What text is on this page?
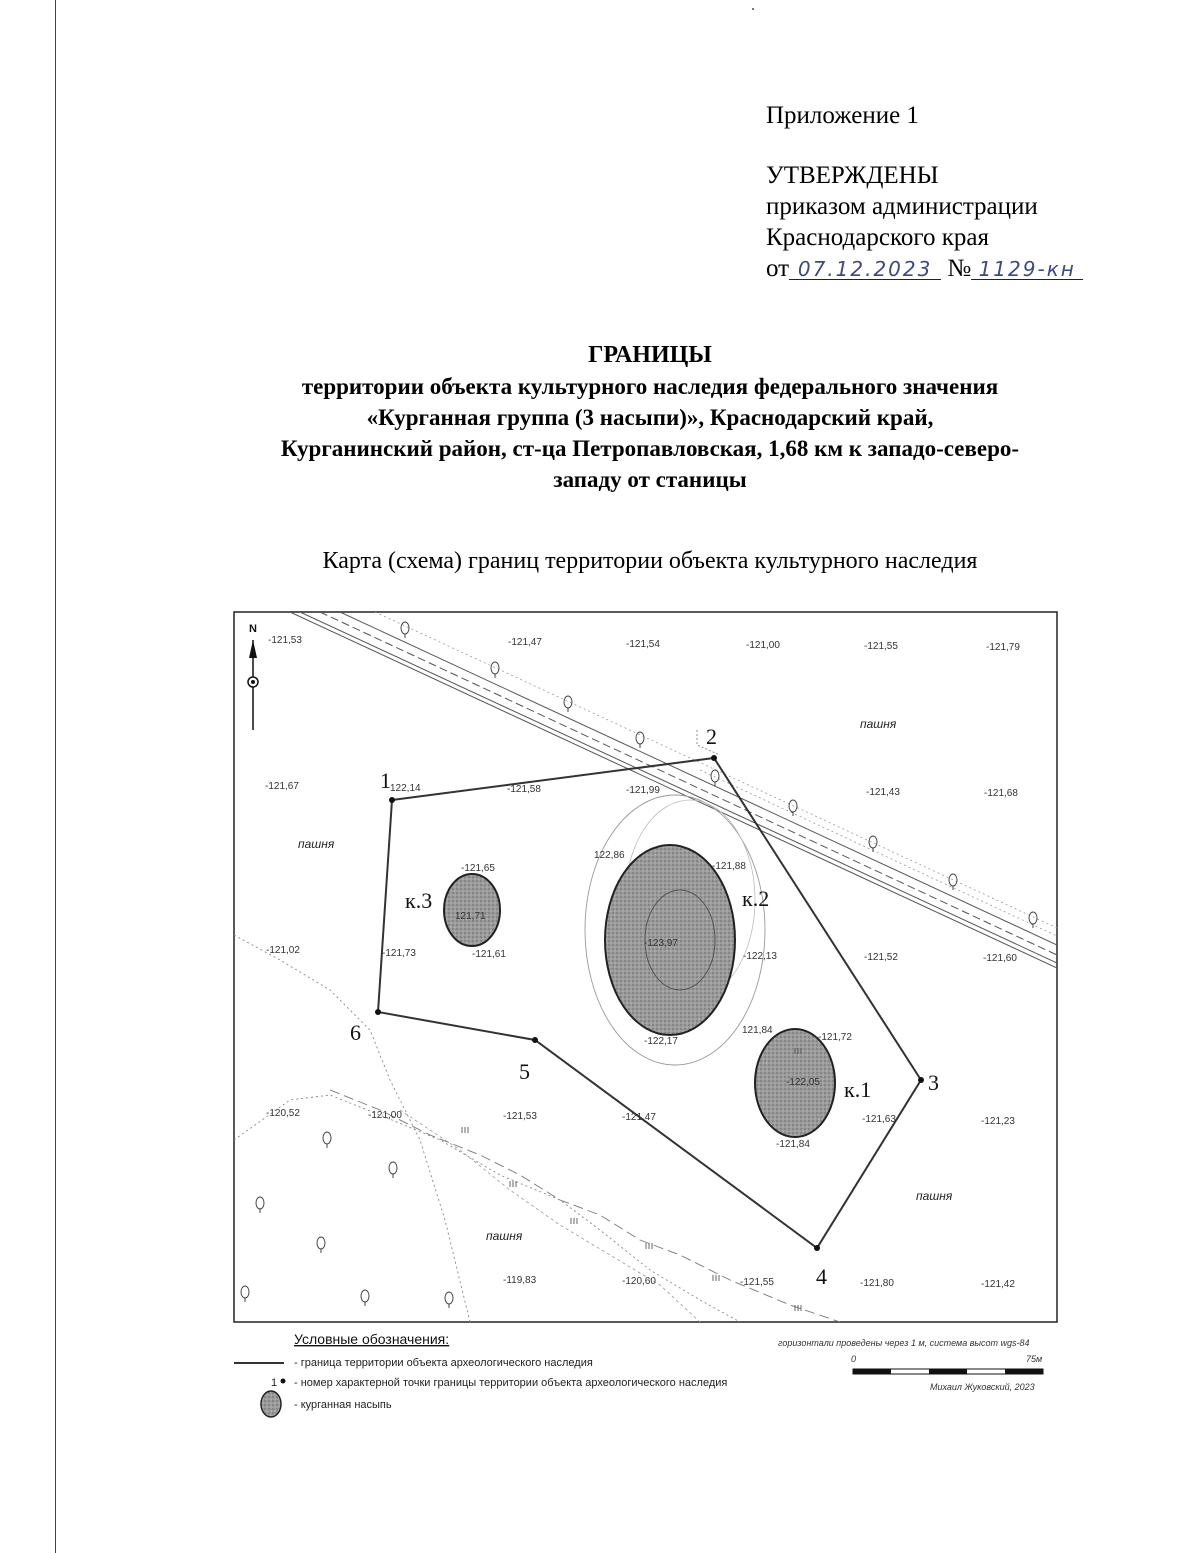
Приложение 1
УТВЕРЖДЕНЫ
приказом администрации
Краснодарского края
от 07.12.2023 № 1129-кн
ГРАНИЦЫ
территории объекта культурного наследия федерального значения
«Курганная группа (3 насыпи)», Краснодарский край,
Курганинский район, ст-ца Петропавловская, 1,68 км к западо-северо-
западу от станицы
Карта (схема) границ территории объекта культурного наследия
1
2
3
4
5
6
к.1
к.2
к.3
N
пашня
пашня
пашня
пашня
-121,53	-121,47	-121,54	-121,00	-121,55	-121,79
-121,67	122,14	-121,58	-121,99	-121,43	-121,68
-121,65
122,86
-121,88
121,71
-123,97
-121,02	-121,73	-121,61	-122,13	-121,52	-121,60
121,84
-121,72
-122,17
-122,05
-120,52	-121,00	-121,53	-121,47	-121,63	-121,23
-121,84
-119,83	-120,60	-121,55	-121,80	-121,42
Условные обозначения:
- граница территории объекта археологического наследия
1 - номер характерной точки границы территории объекта археологического наследия
- курганная насыпь
горизонтали проведены через 1 м, система высот wgs-84
0	75м
Михаил Жуковский, 2023
